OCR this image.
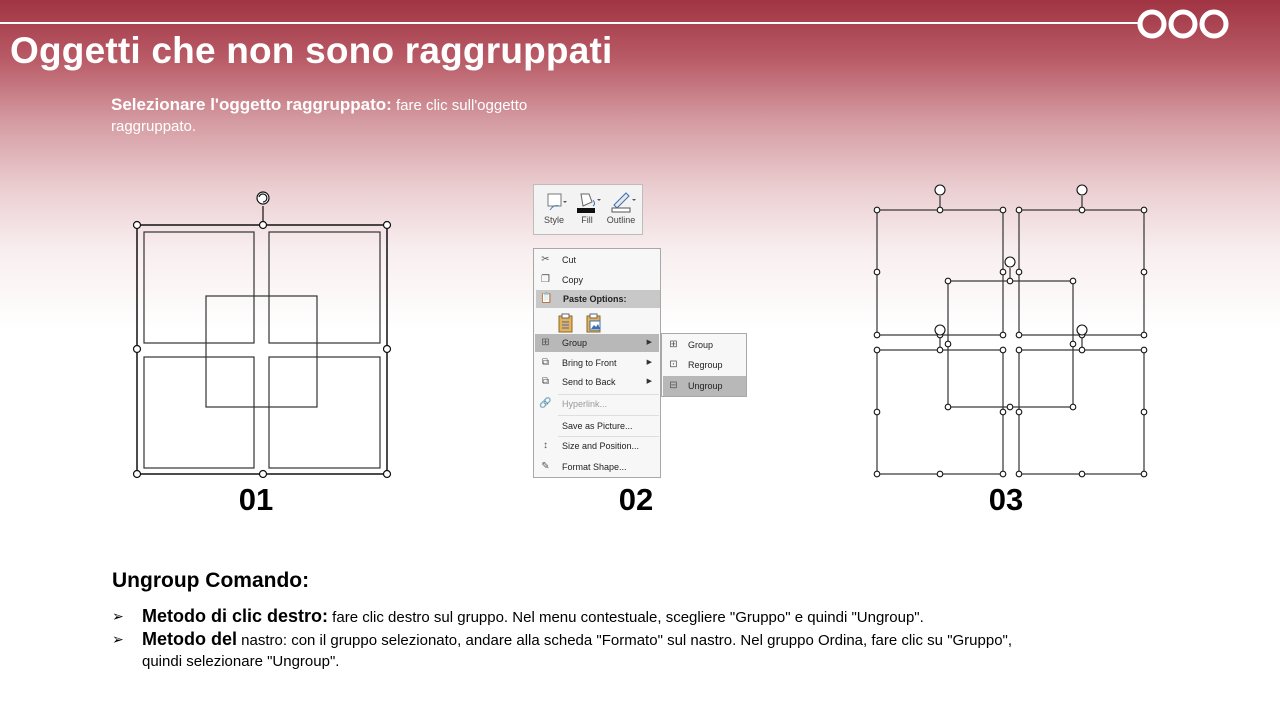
Oggetti che non sono raggruppati
Selezionare l'oggetto raggruppato: fare clic sull'oggetto raggruppato.
01
Style	Fill	Outline
✂ Cut
❐ Copy
📋 Paste Options:
⊞ Group	▶
⧉	Bring to Front	▶
⧉	Send to Back	▶
🔗 Hyperlink...
Save as Picture...
↕	Size and Position...
✎ Format Shape...
⊞ Group
⊡ Regroup
⊟ Ungroup
02	03
Ungroup Comando:
➢ Metodo di clic destro: fare clic destro sul gruppo. Nel menu contestuale, scegliere "Gruppo" e quindi "Ungroup".
➢ Metodo del nastro: con il gruppo selezionato, andare alla scheda "Formato" sul nastro. Nel gruppo Ordina, fare clic su "Gruppo", quindi selezionare "Ungroup".
